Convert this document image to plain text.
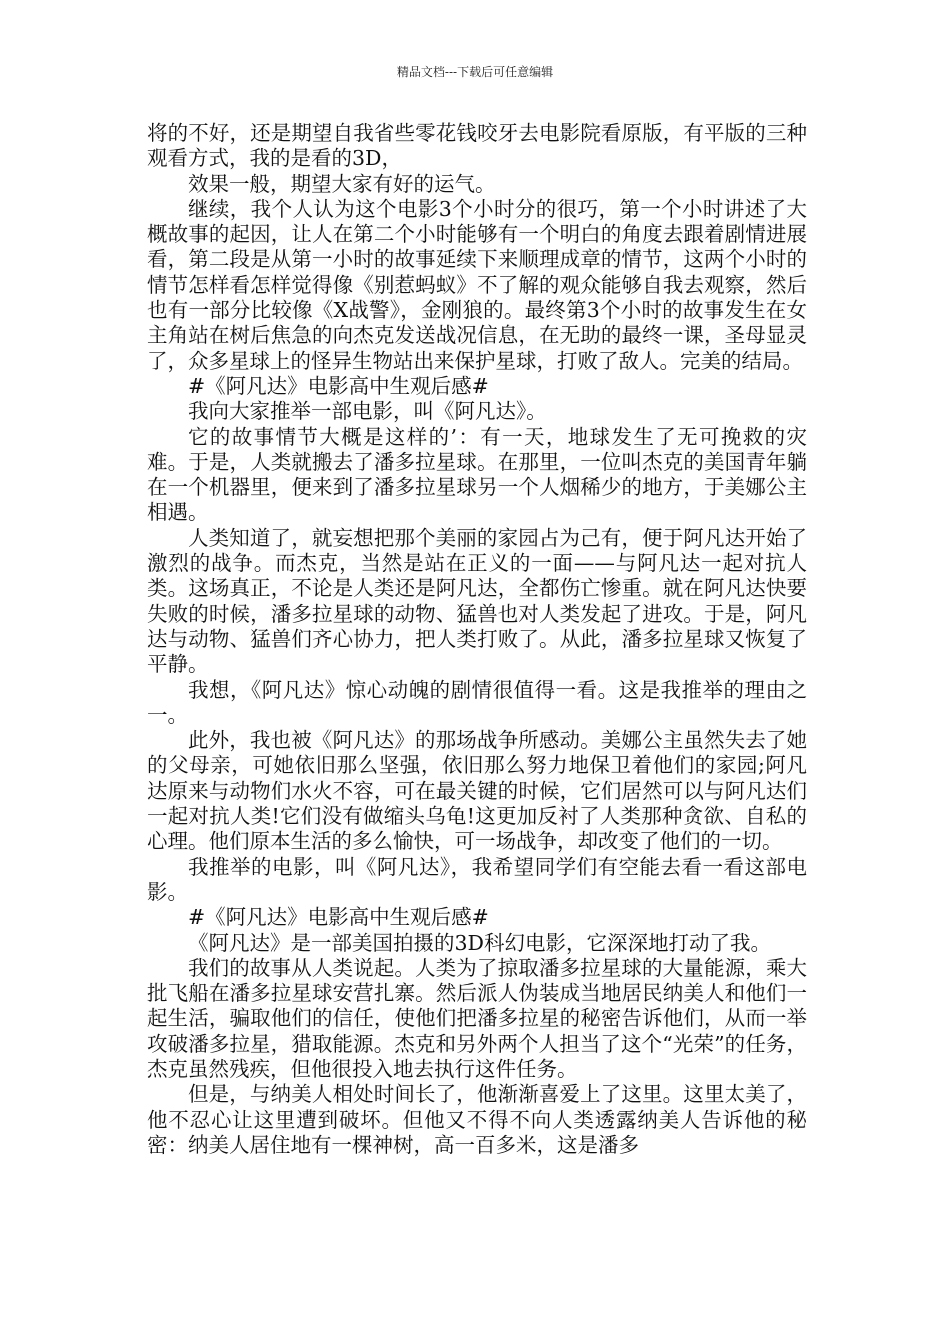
精品文档---下载后可任意编辑

将的不好，还是期望自我省些零花钱咬牙去电影院看原版，有平版的三种观看方式，我的是看的3D，

效果一般，期望大家有好的运气。

继续，我个人认为这个电影3个小时分的很巧，第一个小时讲述了大概故事的起因，让人在第二个小时能够有一个明白的角度去跟着剧情进展看，第二段是从第一小时的故事延续下来顺理成章的情节，这两个小时的情节怎样看怎样觉得像《别惹蚂蚁》不了解的观众能够自我去观察，然后也有一部分比较像《X战警》，金刚狼的。最终第3个小时的故事发生在女主角站在树后焦急的向杰克发送战况信息，在无助的最终一课，圣母显灵了，众多星球上的怪异生物站出来保护星球，打败了敌人。完美的结局。

#《阿凡达》电影高中生观后感#

我向大家推举一部电影，叫《阿凡达》。

它的故事情节大概是这样的’：有一天，地球发生了无可挽救的灾难。于是，人类就搬去了潘多拉星球。在那里，一位叫杰克的美国青年躺在一个机器里，便来到了潘多拉星球另一个人烟稀少的地方，于美娜公主相遇。

人类知道了，就妄想把那个美丽的家园占为己有，便于阿凡达开始了激烈的战争。而杰克，当然是站在正义的一面——与阿凡达一起对抗人类。这场真正，不论是人类还是阿凡达，全都伤亡惨重。就在阿凡达快要失败的时候，潘多拉星球的动物、猛兽也对人类发起了进攻。于是，阿凡达与动物、猛兽们齐心协力，把人类打败了。从此，潘多拉星球又恢复了平静。

我想，《阿凡达》惊心动魄的剧情很值得一看。这是我推举的理由之一。

此外，我也被《阿凡达》的那场战争所感动。美娜公主虽然失去了她的父母亲，可她依旧那么坚强，依旧那么努力地保卫着他们的家园;阿凡达原来与动物们水火不容，可在最关键的时候，它们居然可以与阿凡达们一起对抗人类!它们没有做缩头乌龟!这更加反衬了人类那种贪欲、自私的心理。他们原本生活的多么愉快，可一场战争，却改变了他们的一切。

我推举的电影，叫《阿凡达》，我希望同学们有空能去看一看这部电影。

#《阿凡达》电影高中生观后感#

《阿凡达》是一部美国拍摄的3D科幻电影，它深深地打动了我。

我们的故事从人类说起。人类为了掠取潘多拉星球的大量能源，乘大批飞船在潘多拉星球安营扎寨。然后派人伪装成当地居民纳美人和他们一起生活，骗取他们的信任，使他们把潘多拉星的秘密告诉他们，从而一举攻破潘多拉星，猎取能源。杰克和另外两个人担当了这个“光荣”的任务，杰克虽然残疾，但他很投入地去执行这件任务。

但是，与纳美人相处时间长了，他渐渐喜爱上了这里。这里太美了，他不忍心让这里遭到破坏。但他又不得不向人类透露纳美人告诉他的秘密：纳美人居住地有一棵神树，高一百多米，这是潘多
